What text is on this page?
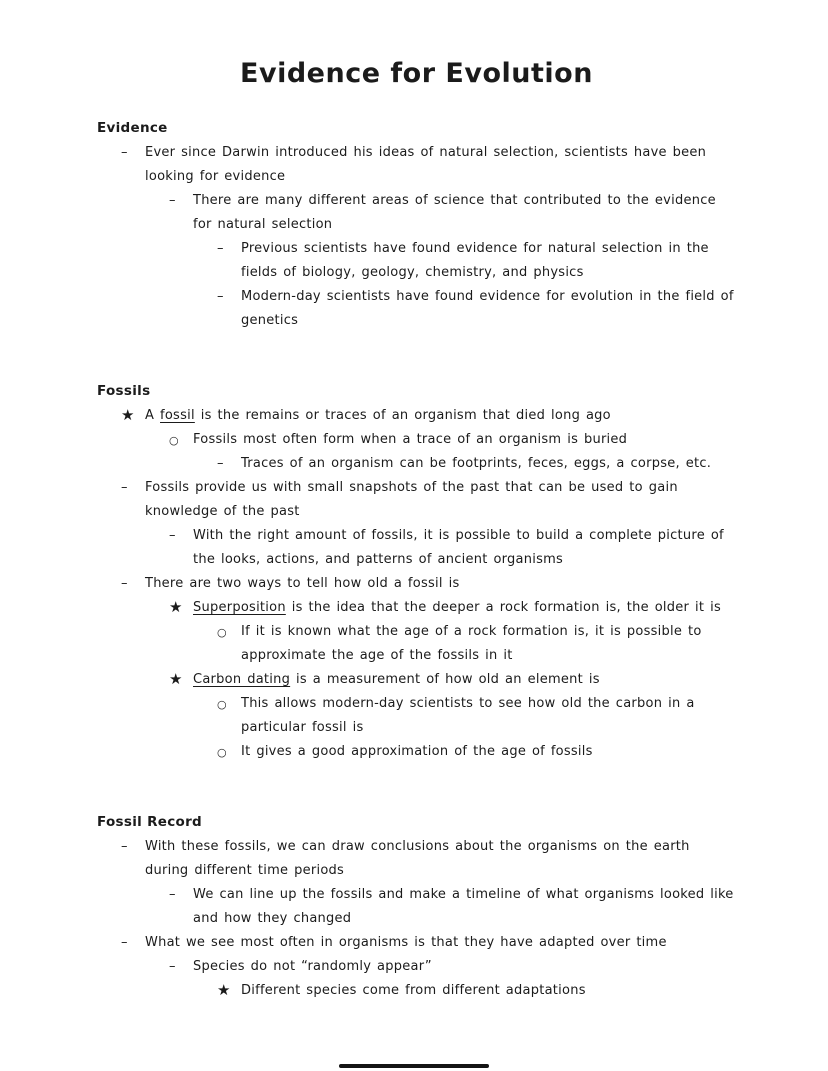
Evidence for Evolution
Evidence
– Ever since Darwin introduced his ideas of natural selection, scientists have been looking for evidence
– There are many different areas of science that contributed to the evidence for natural selection
– Previous scientists have found evidence for natural selection in the fields of biology, geology, chemistry, and physics
– Modern-day scientists have found evidence for evolution in the field of genetics
Fossils
★ A fossil is the remains or traces of an organism that died long ago
○ Fossils most often form when a trace of an organism is buried
– Traces of an organism can be footprints, feces, eggs, a corpse, etc.
– Fossils provide us with small snapshots of the past that can be used to gain knowledge of the past
– With the right amount of fossils, it is possible to build a complete picture of the looks, actions, and patterns of ancient organisms
– There are two ways to tell how old a fossil is
★ Superposition is the idea that the deeper a rock formation is, the older it is
○ If it is known what the age of a rock formation is, it is possible to approximate the age of the fossils in it
★ Carbon dating is a measurement of how old an element is
○ This allows modern-day scientists to see how old the carbon in a particular fossil is
○ It gives a good approximation of the age of fossils
Fossil Record
– With these fossils, we can draw conclusions about the organisms on the earth during different time periods
– We can line up the fossils and make a timeline of what organisms looked like and how they changed
– What we see most often in organisms is that they have adapted over time
– Species do not “randomly appear”
★ Different species come from different adaptations
